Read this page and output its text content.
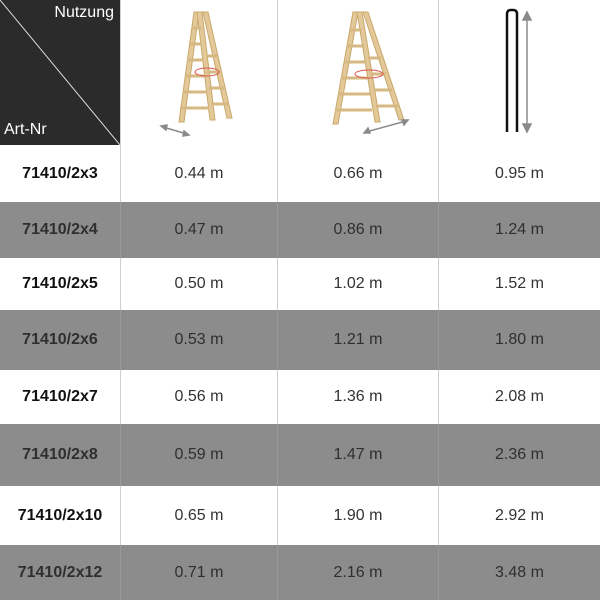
Nutzung
Art-Nr
71410/2x3	0.44 m	0.66 m	0.95 m
71410/2x4	0.47 m	0.86 m	1.24 m
71410/2x5	0.50 m	1.02 m	1.52 m
71410/2x6	0.53 m	1.21 m	1.80 m
71410/2x7	0.56 m	1.36 m	2.08 m
71410/2x8	0.59 m	1.47 m	2.36 m
71410/2x10	0.65 m	1.90 m	2.92 m
71410/2x12	0.71 m	2.16 m	3.48 m
